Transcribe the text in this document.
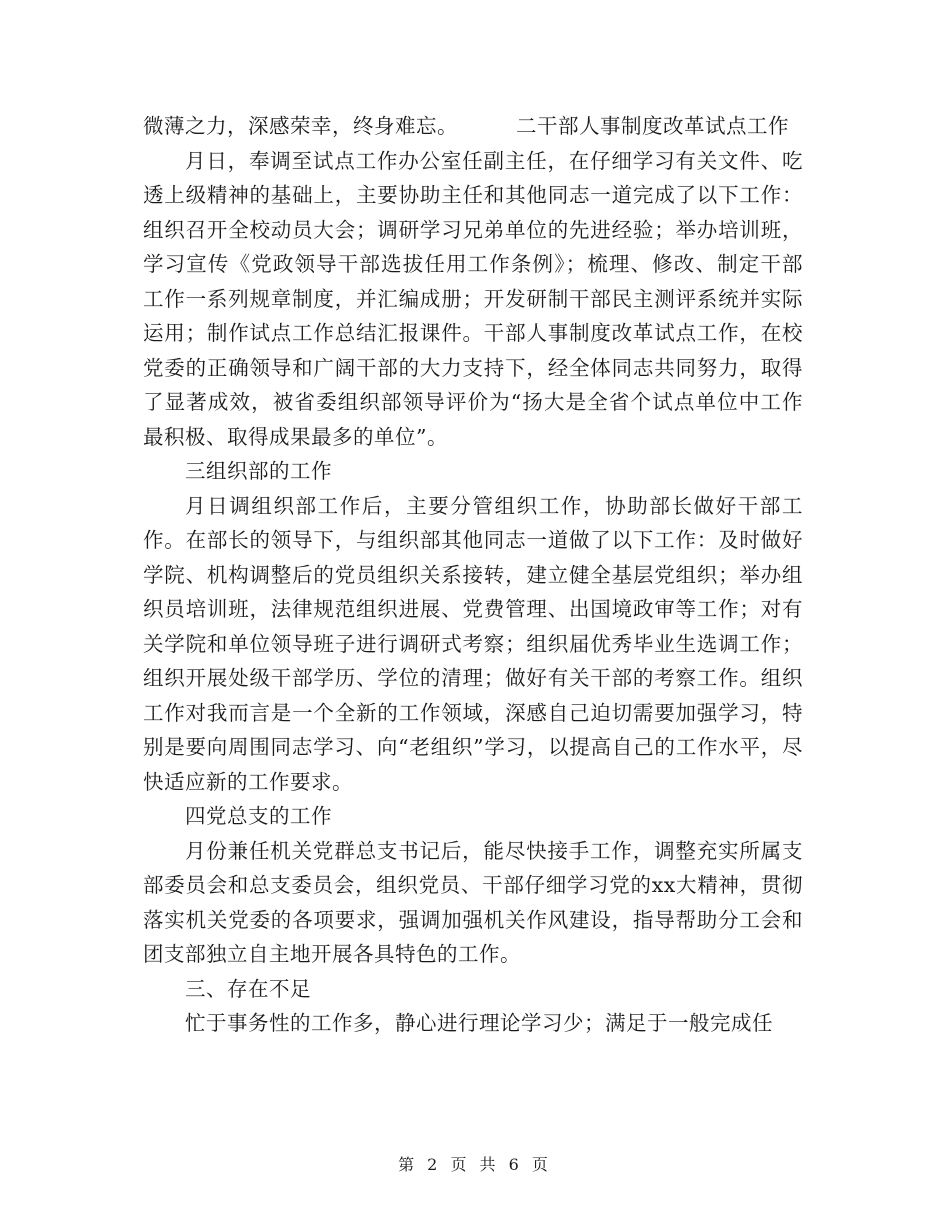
微薄之力，深感荣幸，终身难忘。	二干部人事制度改革试点工作

月日，奉调至试点工作办公室任副主任，在仔细学习有关文件、吃透上级精神的基础上，主要协助主任和其他同志一道完成了以下工作：组织召开全校动员大会；调研学习兄弟单位的先进经验；举办培训班，学习宣传《党政领导干部选拔任用工作条例》；梳理、修改、制定干部工作一系列规章制度，并汇编成册；开发研制干部民主测评系统并实际运用；制作试点工作总结汇报课件。干部人事制度改革试点工作，在校党委的正确领导和广阔干部的大力支持下，经全体同志共同努力，取得了显著成效，被省委组织部领导评价为“扬大是全省个试点单位中工作最积极、取得成果最多的单位”。

三组织部的工作

月日调组织部工作后，主要分管组织工作，协助部长做好干部工作。在部长的领导下，与组织部其他同志一道做了以下工作：及时做好学院、机构调整后的党员组织关系接转，建立健全基层党组织；举办组织员培训班，法律规范组织进展、党费管理、出国境政审等工作；对有关学院和单位领导班子进行调研式考察；组织届优秀毕业生选调工作；组织开展处级干部学历、学位的清理；做好有关干部的考察工作。组织工作对我而言是一个全新的工作领域，深感自己迫切需要加强学习，特别是要向周围同志学习、向“老组织”学习，以提高自己的工作水平，尽快适应新的工作要求。

四党总支的工作

月份兼任机关党群总支书记后，能尽快接手工作，调整充实所属支部委员会和总支委员会，组织党员、干部仔细学习党的xx大精神，贯彻落实机关党委的各项要求，强调加强机关作风建设，指导帮助分工会和团支部独立自主地开展各具特色的工作。

三、存在不足

忙于事务性的工作多，静心进行理论学习少；满足于一般完成任

第 2 页 共 6 页
